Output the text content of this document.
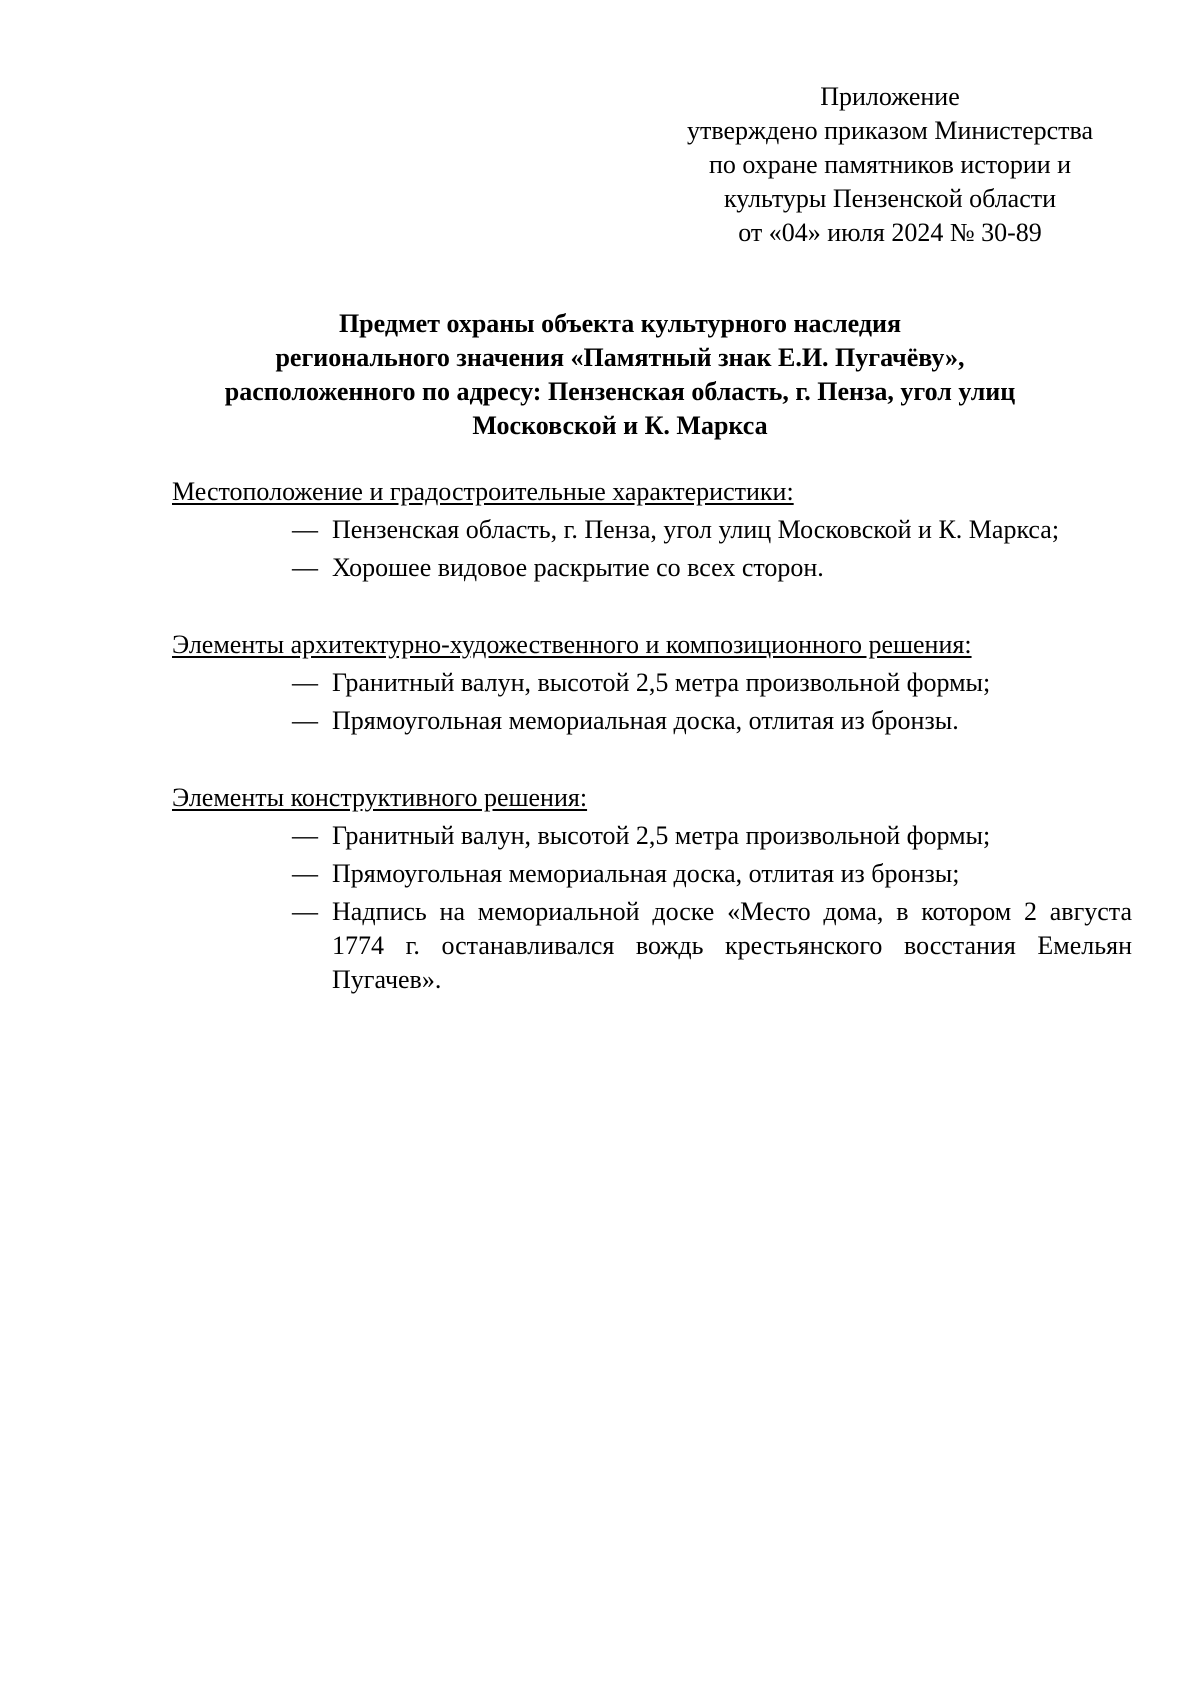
Приложение
утверждено приказом Министерства
по охране памятников истории и
культуры Пензенской области
от «04» июля 2024 № 30-89
Предмет охраны объекта культурного наследия
регионального значения «Памятный знак Е.И. Пугачёву»,
расположенного по адресу: Пензенская область, г. Пенза, угол улиц
Московской и К. Маркса
Местоположение и градостроительные характеристики:
— Пензенская область, г. Пенза, угол улиц Московской и К. Маркса;
— Хорошее видовое раскрытие со всех сторон.
Элементы архитектурно-художественного и композиционного решения:
— Гранитный валун, высотой 2,5 метра произвольной формы;
— Прямоугольная мемориальная доска, отлитая из бронзы.
Элементы конструктивного решения:
— Гранитный валун, высотой 2,5 метра произвольной формы;
— Прямоугольная мемориальная доска, отлитая из бронзы;
— Надпись на мемориальной доске «Место дома, в котором 2 августа 1774 г. останавливался вождь крестьянского восстания Емельян Пугачев».
